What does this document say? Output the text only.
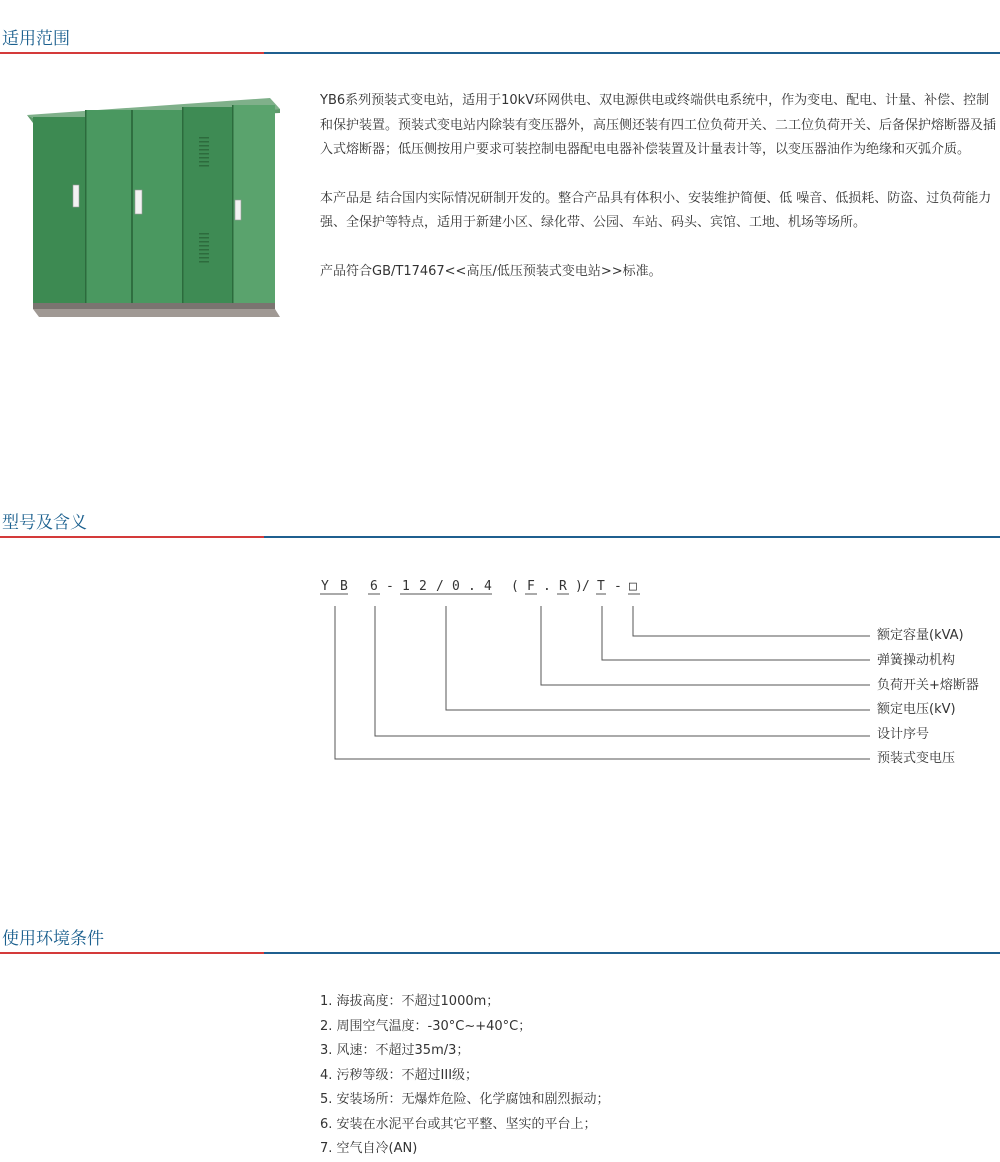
适用范围

YB6系列预装式变电站，适用于10kV环网供电、双电源供电或终端供电系统中，作为变电、配电、计量、补偿、控制和保护装置。预装式变电站内除装有变压器外，高压侧还装有四工位负荷开关、二工位负荷开关、后备保护熔断器及插入式熔断器；低压侧按用户要求可装控制电器配电电器补偿装置及计量表计等，以变压器油作为绝缘和灭弧介质。

本产品是 结合国内实际情况研制开发的。整合产品具有体积小、安装维护简便、低 噪音、低损耗、防盗、过负荷能力强、全保护等特点，适用于新建小区、绿化带、公园、车站、码头、宾馆、工地、机场等场所。

产品符合GB/T17467<<高压/低压预装式变电站>>标准。

型号及含义
Y B 6 - 1 2 / 0 . 4 ( F . R ) / T - □
额定容量(kVA)
弹簧操动机构
负荷开关+熔断器
额定电压(kV)
设计序号
预装式变电压
使用环境条件
1. 海拔高度：不超过1000m；
2. 周围空气温度：-30°C~+40°C；
3. 风速：不超过35m/3；
4. 污秽等级：不超过III级；
5. 安装场所：无爆炸危险、化学腐蚀和剧烈振动；
6. 安装在水泥平台或其它平整、坚实的平台上；
7. 空气自冷(AN)
